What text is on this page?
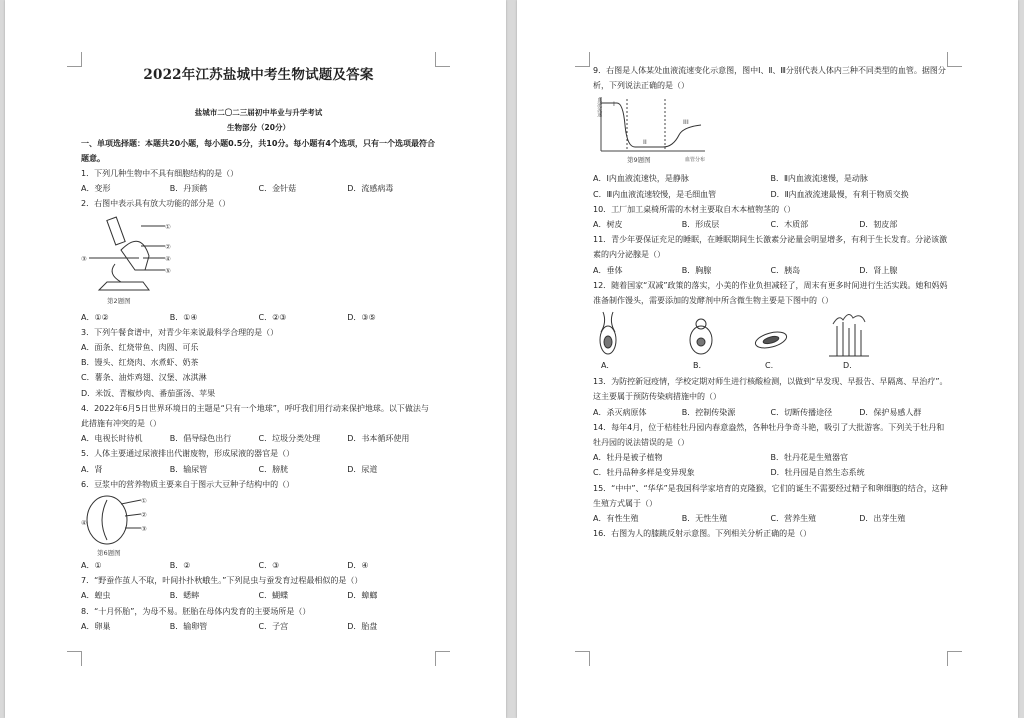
2022年江苏盐城中考生物试题及答案
盐城市二〇二三届初中毕业与升学考试
生物部分（20分）
一、单项选择题：本题共20小题，每小题0.5分，共10分。每小题有4个选项，只有一个选项最符合题意。
1．下列几种生物中不具有细胞结构的是（）
A．变形	B．丹顶鹤	C．金针菇	D．流感病毒
2．右图中表示具有放大功能的部分是（）
①
②
③	④
⑤
第2题图
A．①②	B．①④	C．②③	D．③⑤
3．下列午餐食谱中，对青少年来说最科学合理的是（）
A．面条、红烧带鱼、肉圆、可乐
B．馒头、红烧肉、水煮虾、奶茶
C．薯条、油炸鸡翅、汉堡、冰淇淋
D．米饭、青椒炒肉、番茄蛋汤、苹果
4．2022年6月5日世界环境日的主题是“只有一个地球”，呼吁我们用行动来保护地球。以下做法与此措施有冲突的是（）
A．电视长时待机	B．倡导绿色出行	C．垃圾分类处理	D．书本循环使用
5．人体主要通过尿液排出代谢废物，形成尿液的器官是（）
A．肾	B．输尿管	C．膀胱	D．尿道
6．豆浆中的营养物质主要来自于图示大豆种子结构中的（）
①
②
③
④
第6题图
A．①	B．②	C．③	D．④
7．“野蚕作茧人不取，叶间扑扑秋蛾生。”下列昆虫与蚕发育过程最相似的是（）
A．蝗虫	B．蟋蟀	C．蝴蝶	D．蟑螂
8．“十月怀胎”，为母不易。胚胎在母体内发育的主要场所是（）
A．卵巢	B．输卵管	C．子宫	D．胎盘
9．右图是人体某处血液流速变化示意图，图中Ⅰ、Ⅱ、Ⅲ分别代表人体内三种不同类型的血管。据图分析，下列说法正确的是（）
血液流速	I
II
III
血管分布
第9题图
A．Ⅰ内血液流速快，是静脉	B．Ⅱ内血液流速慢，是动脉
C．Ⅲ内血液流速较慢，是毛细血管	D．Ⅱ内血液流速最慢，有利于物质交换
10．工厂加工桌椅所需的木材主要取自木本植物茎的（）
A．树皮	B．形成层	C．木质部	D．韧皮部
11．青少年要保证充足的睡眠，在睡眠期间生长激素分泌量会明显增多，有利于生长发育。分泌该激素的内分泌腺是（）
A．垂体	B．胸腺	C．胰岛	D．肾上腺
12．随着国家“双减”政策的落实，小美的作业负担减轻了，周末有更多时间进行生活实践。她和妈妈准备制作馒头，需要添加的发酵剂中所含微生物主要是下图中的（）
A.	B.	C.	D.
13．为防控新冠疫情，学校定期对师生进行核酸检测，以做到“早发现、早报告、早隔离、早治疗”。这主要属于预防传染病措施中的（）
A．杀灭病原体	B．控制传染源	C．切断传播途径	D．保护易感人群
14．每年4月，位于桔桂牡丹园内春意盎然，各种牡丹争奇斗艳，吸引了大批游客。下列关于牡丹和牡丹园的说法错误的是（）
A．牡丹是被子植物	B．牡丹花是生殖器官
C．牡丹品种多样是变异现象	D．牡丹园是自然生态系统
15．“中中”、“华华”是我国科学家培育的克隆猴，它们的诞生不需要经过精子和卵细胞的结合，这种生殖方式属于（）
A．有性生殖	B．无性生殖	C．营养生殖	D．出芽生殖
16．右图为人的膝跳反射示意图。下列相关分析正确的是（）
